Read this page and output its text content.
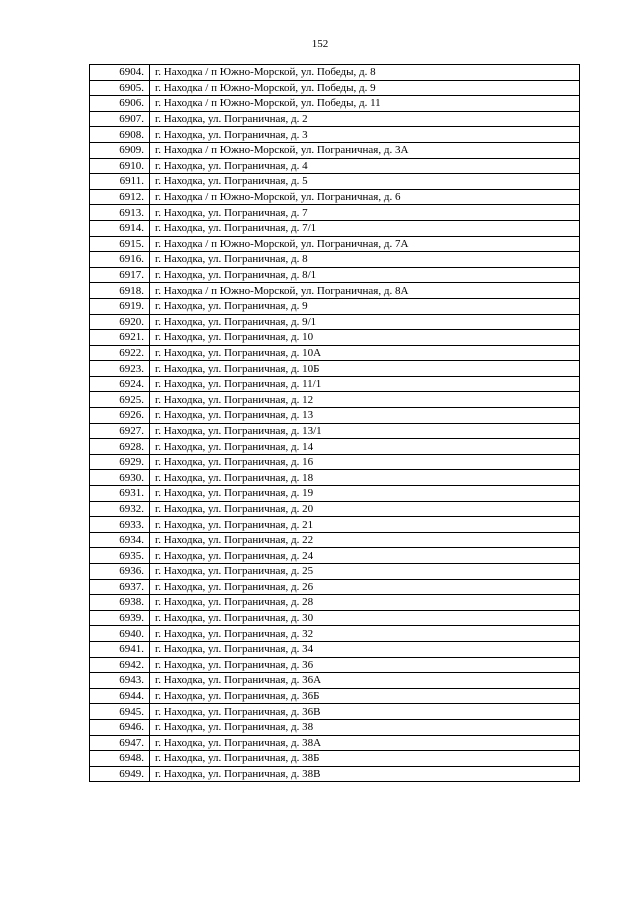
152
6904.	г. Находка / п Южно-Морской, ул. Победы, д. 8
6905.	г. Находка / п Южно-Морской, ул. Победы, д. 9
6906.	г. Находка / п Южно-Морской, ул. Победы, д. 11
6907.	г. Находка, ул. Пограничная, д. 2
6908.	г. Находка, ул. Пограничная, д. 3
6909.	г. Находка / п Южно-Морской, ул. Пограничная, д. 3А
6910.	г. Находка, ул. Пограничная, д. 4
6911.	г. Находка, ул. Пограничная, д. 5
6912.	г. Находка / п Южно-Морской, ул. Пограничная, д. 6
6913.	г. Находка, ул. Пограничная, д. 7
6914.	г. Находка, ул. Пограничная, д. 7/1
6915.	г. Находка / п Южно-Морской, ул. Пограничная, д. 7А
6916.	г. Находка, ул. Пограничная, д. 8
6917.	г. Находка, ул. Пограничная, д. 8/1
6918.	г. Находка / п Южно-Морской, ул. Пограничная, д. 8А
6919.	г. Находка, ул. Пограничная, д. 9
6920.	г. Находка, ул. Пограничная, д. 9/1
6921.	г. Находка, ул. Пограничная, д. 10
6922.	г. Находка, ул. Пограничная, д. 10А
6923.	г. Находка, ул. Пограничная, д. 10Б
6924.	г. Находка, ул. Пограничная, д. 11/1
6925.	г. Находка, ул. Пограничная, д. 12
6926.	г. Находка, ул. Пограничная, д. 13
6927.	г. Находка, ул. Пограничная, д. 13/1
6928.	г. Находка, ул. Пограничная, д. 14
6929.	г. Находка, ул. Пограничная, д. 16
6930.	г. Находка, ул. Пограничная, д. 18
6931.	г. Находка, ул. Пограничная, д. 19
6932.	г. Находка, ул. Пограничная, д. 20
6933.	г. Находка, ул. Пограничная, д. 21
6934.	г. Находка, ул. Пограничная, д. 22
6935.	г. Находка, ул. Пограничная, д. 24
6936.	г. Находка, ул. Пограничная, д. 25
6937.	г. Находка, ул. Пограничная, д. 26
6938.	г. Находка, ул. Пограничная, д. 28
6939.	г. Находка, ул. Пограничная, д. 30
6940.	г. Находка, ул. Пограничная, д. 32
6941.	г. Находка, ул. Пограничная, д. 34
6942.	г. Находка, ул. Пограничная, д. 36
6943.	г. Находка, ул. Пограничная, д. 36А
6944.	г. Находка, ул. Пограничная, д. 36Б
6945.	г. Находка, ул. Пограничная, д. 36В
6946.	г. Находка, ул. Пограничная, д. 38
6947.	г. Находка, ул. Пограничная, д. 38А
6948.	г. Находка, ул. Пограничная, д. 38Б
6949.	г. Находка, ул. Пограничная, д. 38В
